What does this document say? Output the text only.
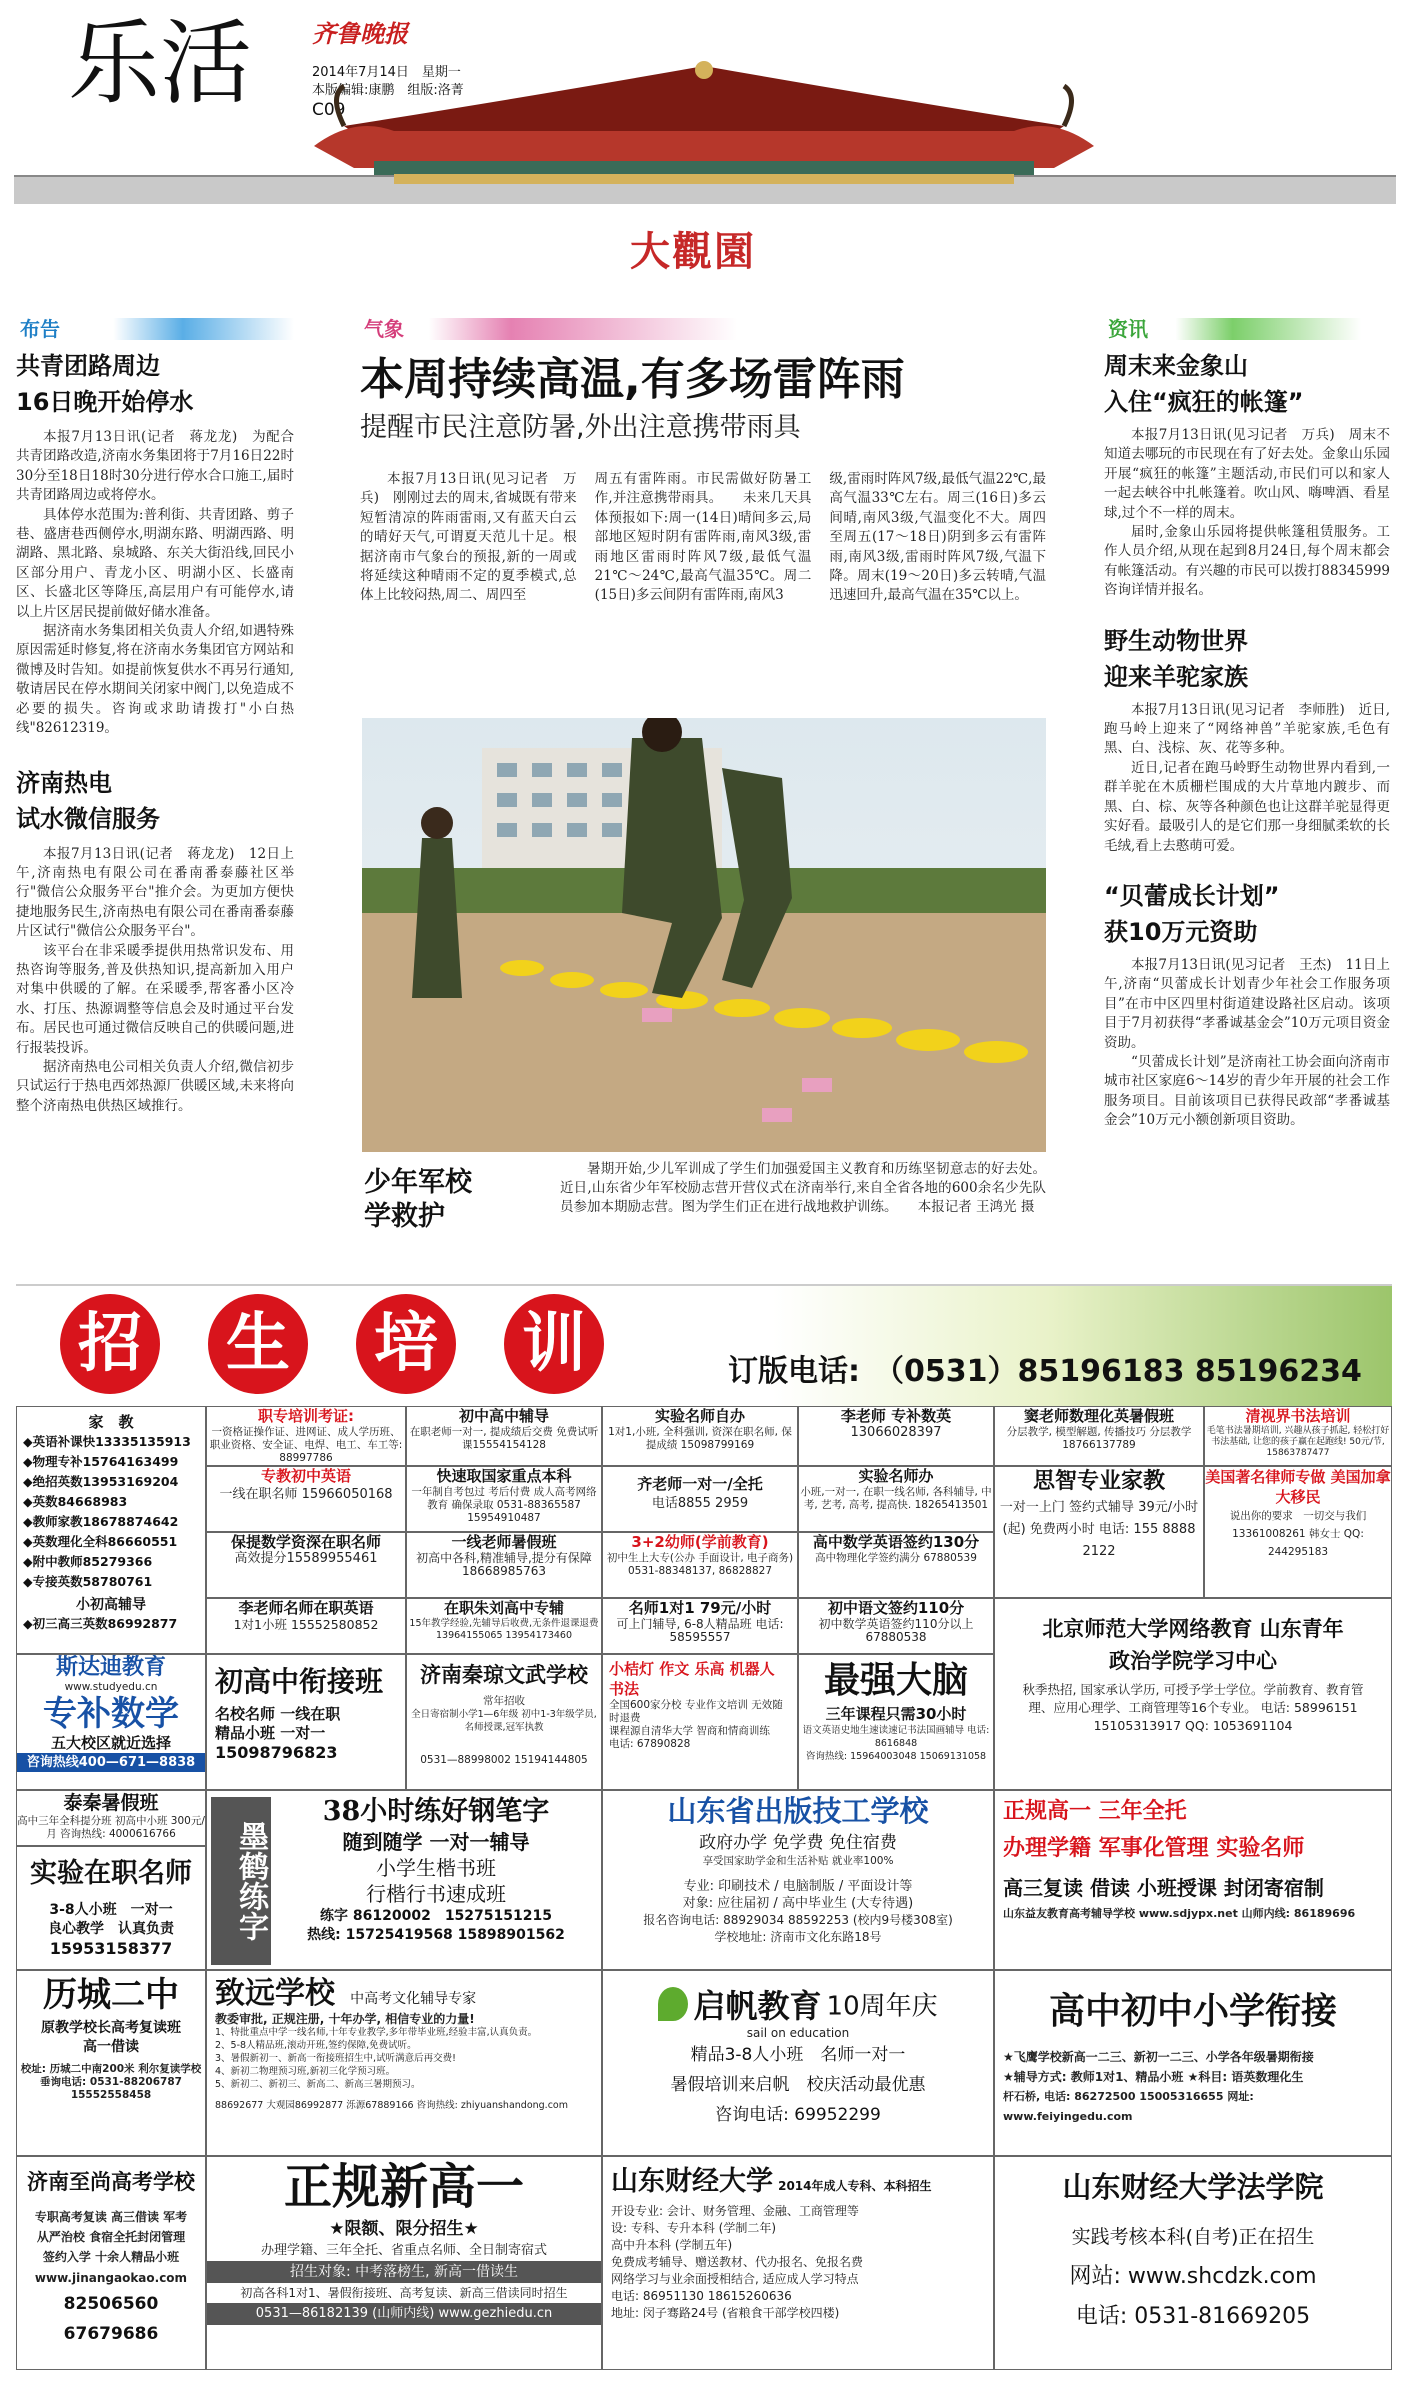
乐活 齐鲁晚报
2014年7月14日　星期一
本版编辑:康鹏　组版:洛菁
C09
大觀園
布告
共青团路周边
16日晚开始停水

本报7月13日讯(记者　蒋龙龙)　为配合共青团路改造,济南水务集团将于7月16日22时30分至18日18时30分进行停水合口施工,届时共青团路周边或将停水。

具体停水范围为:普利街、共青团路、剪子巷、盛唐巷西侧停水,明湖东路、明湖西路、明湖路、黑北路、泉城路、东关大街沿线,回民小区部分用户、青龙小区、明湖小区、长盛南区、长盛北区等降压,高层用户有可能停水,请以上片区居民提前做好储水准备。

据济南水务集团相关负责人介绍,如遇特殊原因需延时修复,将在济南水务集团官方网站和微博及时告知。如提前恢复供水不再另行通知,敬请居民在停水期间关闭家中阀门,以免造成不必要的损失。咨询或求助请拨打"小白热线"82612319。

济南热电
试水微信服务

本报7月13日讯(记者　蒋龙龙)　12日上午,济南热电有限公司在番南番泰藤社区举行"微信公众服务平台"推介会。为更加方便快捷地服务民生,济南热电有限公司在番南番泰藤片区试行"微信公众服务平台"。

该平台在非采暖季提供用热常识发布、用热咨询等服务,普及供热知识,提高新加入用户对集中供暖的了解。在采暖季,帮客番小区冷水、打压、热源调整等信息会及时通过平台发布。居民也可通过微信反映自己的供暖问题,进行报装投诉。

据济南热电公司相关负责人介绍,微信初步只试运行于热电西郊热源厂供暖区域,未来将向整个济南热电供热区域推行。

气象
本周持续高温,有多场雷阵雨
提醒市民注意防暑,外出注意携带雨具

本报7月13日讯(见习记者　万兵)　刚刚过去的周末,省城既有带来短暂清凉的阵雨雷雨,又有蓝天白云的晴好天气,可谓夏天范儿十足。根据济南市气象台的预报,新的一周或将延续这种晴雨不定的夏季模式,总体上比较闷热,周二、周四至

周五有雷阵雨。市民需做好防暑工作,并注意携带雨具。　　未来几天具体预报如下:周一(14日)晴间多云,局部地区短时阴有雷阵雨,南风3级,雷雨地区雷雨时阵风7级,最低气温21℃～24℃,最高气温35℃。周二(15日)多云间阴有雷阵雨,南风3

级,雷雨时阵风7级,最低气温22℃,最高气温33℃左右。周三(16日)多云间晴,南风3级,气温变化不大。周四至周五(17～18日)阴到多云有雷阵雨,南风3级,雷雨时阵风7级,气温下降。周末(19～20日)多云转晴,气温迅速回升,最高气温在35℃以上。

少年军校
学救护

暑期开始,少儿军训成了学生们加强爱国主义教育和历练坚韧意志的好去处。近日,山东省少年军校励志营开营仪式在济南举行,来自全省各地的600余名少先队员参加本期励志营。图为学生们正在进行战地救护训练。　　本报记者 王鸿光 摄

资讯
周末来金象山
入住“疯狂的帐篷”

本报7月13日讯(见习记者　万兵)　周末不知道去哪玩的市民现在有了好去处。金象山乐园开展“疯狂的帐篷”主题活动,市民们可以和家人一起去峡谷中扎帐篷着。吹山风、嗨啤酒、看星球,过个不一样的周末。

届时,金象山乐园将提供帐篷租赁服务。工作人员介绍,从现在起到8月24日,每个周末都会有帐篷活动。有兴趣的市民可以拨打88345999咨询详情并报名。

野生动物世界
迎来羊驼家族

本报7月13日讯(见习记者　李师胜)　近日,跑马岭上迎来了“网络神兽”羊驼家族,毛色有黑、白、浅棕、灰、花等多种。

近日,记者在跑马岭野生动物世界内看到,一群羊驼在木质栅栏围成的大片草地内踱步、而黑、白、棕、灰等各种颜色也让这群羊驼显得更实好看。最吸引人的是它们那一身细腻柔软的长毛绒,看上去憨萌可爱。

“贝蕾成长计划”
获10万元资助

本报7月13日讯(见习记者　王杰)　11日上午,济南“贝蕾成长计划青少年社会工作服务项目”在市中区四里村街道建设路社区启动。该项目于7月初获得“孝番诚基金会”10万元项目资金资助。

“贝蕾成长计划”是济南社工协会面向济南市城市社区家庭6～14岁的青少年开展的社会工作服务项目。目前该项目已获得民政部“孝番诚基金会”10万元小额创新项目资助。

招 生 培 训	订版电话: （0531）85196183 85196234
家　教
◆英语补课快13335135913
◆物理专补15764163499
◆绝招英数13953169204
◆英数84668983
◆教师家教18678874642
◆英数理化全科86660551
◆附中教师85279366
◆专接英数58780761
小初高辅导
◆初三高三英数86992877
职专培训考证:
一资格证操作证、进网证、成人学历班、职业资格、安全证、电焊、电工、车工等: 88997786
初中高中辅导
在职老师一对一, 提成绩后交费 免费试听课15554154128
实验名师自办
1对1,小班, 全科强训, 资深在职名师, 保提成绩 15098799169
李老师 专补数英
13066028397
窦老师数理化英暑假班
分层教学, 模型解题, 传播技巧 分层教学 18766137789
清视界书法培训
毛笔书法暑期培训, 兴趣从孩子抓起, 轻松打好书法基础, 让您的孩子赢在起跑线! 50元/节, 15863787477
专教初中英语
一线在职名师 15966050168
快速取国家重点本科
一年制自考包过 考后付费 成人高考网络教育 确保录取 0531-88365587 15954910487
齐老师一对一/全托
电话8855 2959
实验名师办
小班,一对一, 在职一线名师, 各科辅导, 中考, 艺考, 高考, 提高快. 18265413501
思智专业家教
一对一上门 签约式辅导 39元/小时(起) 免费两小时 电话: 155 8888 2122
美国著名律师专做 美国加拿大移民
说出你的要求　一切交与我们 13361008261 韩女士 QQ: 244295183
保提数学资深在职名师
高效提分15589955461
一线老师暑假班
初高中各科,精准辅导,提分有保障 18668985763
3+2幼师(学前教育)
初中生上大专(公办 手面设计, 电子商务) 0531-88348137, 86828827
高中数学英语签约130分
高中物理化学签约满分 67880539
李老师名师在职英语
1对1小班 15552580852
在职朱刘高中专辅
15年教学经验,先辅导后收费,无条件退课退费 13964155065 13954173460
名师1对1 79元/小时
可上门辅导, 6-8人精品班 电话: 58595557
初中语文签约110分
初中数学英语签约110分以上 67880538	北京师范大学网络教育 山东青年政治学院学习中心
秋季热招, 国家承认学历, 可授予学士学位。学前教育、教育管理、应用心理学、工商管理等16个专业。 电话: 58996151 15105313917 QQ: 1053691104
斯达迪教育
www.studyedu.cn
专补数学
五大校区就近选择
咨询热线400—671—8838
初高中衔接班
名校名师 一线在职
精品小班 一对一
15098796823
济南秦琼文武学校
常年招收
全日寄宿制小学1—6年级 初中1-3年级学员,名师授课,冠军执教
0531—88998002 15194144805
小桔灯 作文 乐高 机器人 书法
全国600家分校 专业作文培训 无效随时退费
课程源自清华大学 智商和情商训练
电话: 67890828
最强大脑
三年课程只需30小时
语文英语史地生速读速记书法国画辅导 电话: 8616848
咨询热线: 15964003048 15069131058
泰秦暑假班
高中三年全科提分班 初高中小班 300元/月 咨询热线: 4000616766
实验在职名师
3-8人小班　一对一
良心教学　认真负责
15953158377
墨鹤练字
38小时练好钢笔字
随到随学 一对一辅导
小学生楷书班
行楷行书速成班
练字 86120002　15275151215
热线: 15725419568 15898901562
山东省出版技工学校
政府办学 免学费 免住宿费
享受国家助学金和生活补贴 就业率100%
专业: 印刷技术 / 电脑制版 / 平面设计等
对象: 应往届初 / 高中毕业生 (大专待遇)
报名咨询电话: 88929034 88592253 (校内9号楼308室)
学校地址: 济南市文化东路18号
正规高一 三年全托
办理学籍 军事化管理 实验名师
高三复读 借读 小班授课 封闭寄宿制
山东益友教育高考辅导学校 www.sdjypx.net 山师内线: 86189696
历城二中
原教学校长高考复读班
高一借读
校址: 历城二中南200米 利尔复读学校
垂询电话: 0531-88206787 15552558458
致远学校 中高考文化辅导专家
教委审批, 正规注册, 十年办学, 相信专业的力量!
1、特批重点中学一线名师,十年专业教学,多年带毕业班,经验丰富,认真负责。
2、5-8人精品班,滚动开班,签约保障,免费试听。
3、暑假新初一、新高一衔接班招生中,试听满意后再交费!
4、新初二物理预习班,新初三化学预习班。
5、新初二、新初三、新高二、新高三暑期预习。
88692677 大观园86992877 泺源67889166 咨询热线: zhiyuanshandong.com
启帆教育 10周年庆
sail on education
精品3-8人小班　名师一对一
暑假培训来启帆　校庆活动最优惠
咨询电话: 69952299
高中初中小学衔接
★飞鹰学校新高一二三、新初一二三、小学各年级暑期衔接
★辅导方式: 教师1对1、精品小班 ★科目: 语英数理化生
杆石桥, 电话: 86272500 15005316655 网址: www.feiyingedu.com
济南至尚高考学校
专职高考复读 高三借读 军考
从严治校 食宿全托封闭管理
签约入学 十余人精品小班
www.jinangaokao.com
82506560 67679686
正规新高一
★限额、限分招生★
办理学籍、三年全托、省重点名师、全日制寄宿式
招生对象: 中考落榜生, 新高一借读生
初高各科1对1、暑假衔接班、高考复读、新高三借读同时招生
0531—86182139 (山师内线) www.gezhiedu.cn
山东财经大学 2014年成人专科、本科招生
开设专业: 会计、财务管理、金融、工商管理等
设: 专科、专升本科 (学制二年)
高中升本科 (学制五年)
免费成考辅导、赠送教材、代办报名、免报名费
网络学习与业余面授相结合, 适应成人学习特点
电话: 86951130 18615260636
地址: 闵子骞路24号 (省粮食干部学校四楼)
山东财经大学法学院
实践考核本科(自考)正在招生
网站: www.shcdzk.com
电话: 0531-81669205
